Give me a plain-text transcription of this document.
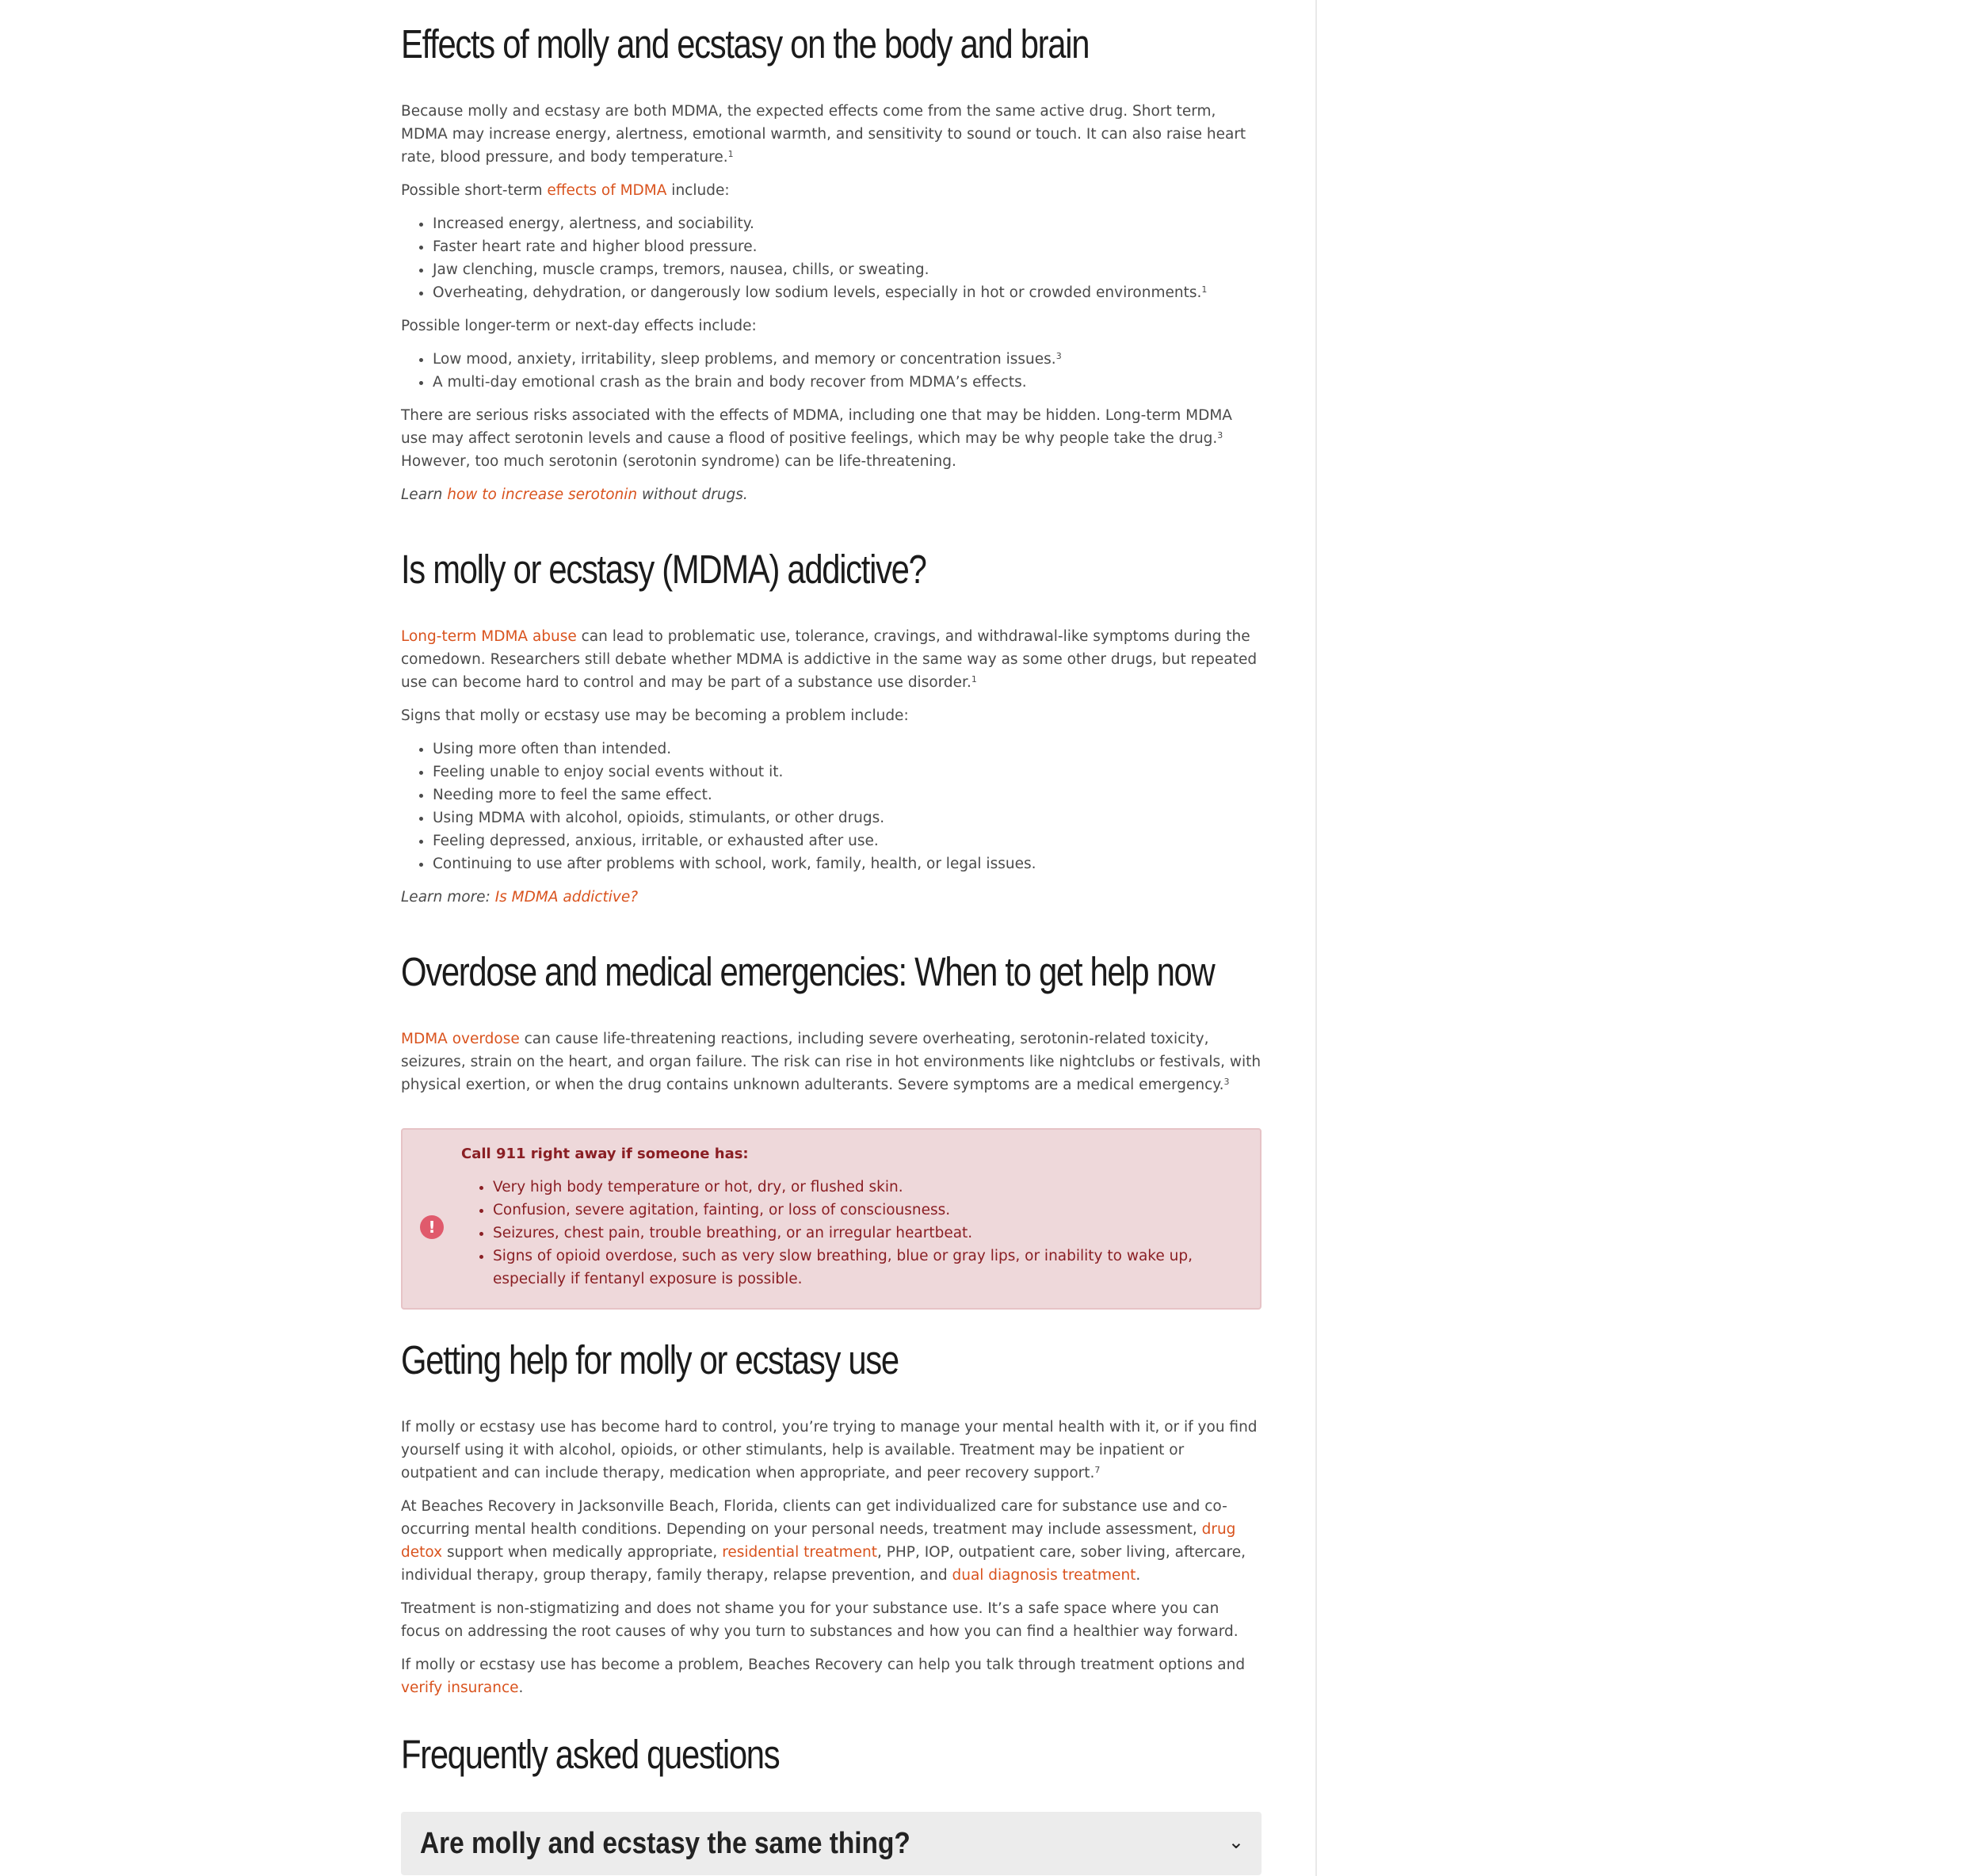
Effects of molly and ecstasy on the body and brain

Because molly and ecstasy are both MDMA, the expected effects come from the same active drug. Short term, MDMA may increase energy, alertness, emotional warmth, and sensitivity to sound or touch. It can also raise heart rate, blood pressure, and body temperature.$^1$

Possible short-term effects of MDMA include:

• Increased energy, alertness, and sociability.
• Faster heart rate and higher blood pressure.
• Jaw clenching, muscle cramps, tremors, nausea, chills, or sweating.
• Overheating, dehydration, or dangerously low sodium levels, especially in hot or crowded environments.$^1$

Possible longer-term or next-day effects include:

• Low mood, anxiety, irritability, sleep problems, and memory or concentration issues.$^3$
• A multi-day emotional crash as the brain and body recover from MDMA’s effects.

There are serious risks associated with the effects of MDMA, including one that may be hidden. Long-term MDMA use may affect serotonin levels and cause a flood of positive feelings, which may be why people take the drug.$^3$ However, too much serotonin (serotonin syndrome) can be life-threatening.

Learn how to increase serotonin without drugs.

Is molly or ecstasy (MDMA) addictive?

Long-term MDMA abuse can lead to problematic use, tolerance, cravings, and withdrawal-like symptoms during the comedown. Researchers still debate whether MDMA is addictive in the same way as some other drugs, but repeated use can become hard to control and may be part of a substance use disorder.$^1$

Signs that molly or ecstasy use may be becoming a problem include:

• Using more often than intended.
• Feeling unable to enjoy social events without it.
• Needing more to feel the same effect.
• Using MDMA with alcohol, opioids, stimulants, or other drugs.
• Feeling depressed, anxious, irritable, or exhausted after use.
• Continuing to use after problems with school, work, family, health, or legal issues.

Learn more: Is MDMA addictive?

Overdose and medical emergencies: When to get help now

MDMA overdose can cause life-threatening reactions, including severe overheating, serotonin-related toxicity, seizures, strain on the heart, and organ failure. The risk can rise in hot environments like nightclubs or festivals, with physical exertion, or when the drug contains unknown adulterants. Severe symptoms are a medical emergency.$^3$

!

Call 911 right away if someone has:

• Very high body temperature or hot, dry, or flushed skin.
• Confusion, severe agitation, fainting, or loss of consciousness.
• Seizures, chest pain, trouble breathing, or an irregular heartbeat.
• Signs of opioid overdose, such as very slow breathing, blue or gray lips, or inability to wake up, especially if fentanyl exposure is possible.
Getting help for molly or ecstasy use

If molly or ecstasy use has become hard to control, you’re trying to manage your mental health with it, or if you find yourself using it with alcohol, opioids, or other stimulants, help is available. Treatment may be inpatient or outpatient and can include therapy, medication when appropriate, and peer recovery support.$^7$

At Beaches Recovery in Jacksonville Beach, Florida, clients can get individualized care for substance use and co-occurring mental health conditions. Depending on your personal needs, treatment may include assessment, drug detox support when medically appropriate, residential treatment, PHP, IOP, outpatient care, sober living, aftercare, individual therapy, group therapy, family therapy, relapse prevention, and dual diagnosis treatment.

Treatment is non-stigmatizing and does not shame you for your substance use. It’s a safe space where you can focus on addressing the root causes of why you turn to substances and how you can find a healthier way forward.

If molly or ecstasy use has become a problem, Beaches Recovery can help you talk through treatment options and verify insurance.

Frequently asked questions
Are molly and ecstasy the same thing?	⌄
